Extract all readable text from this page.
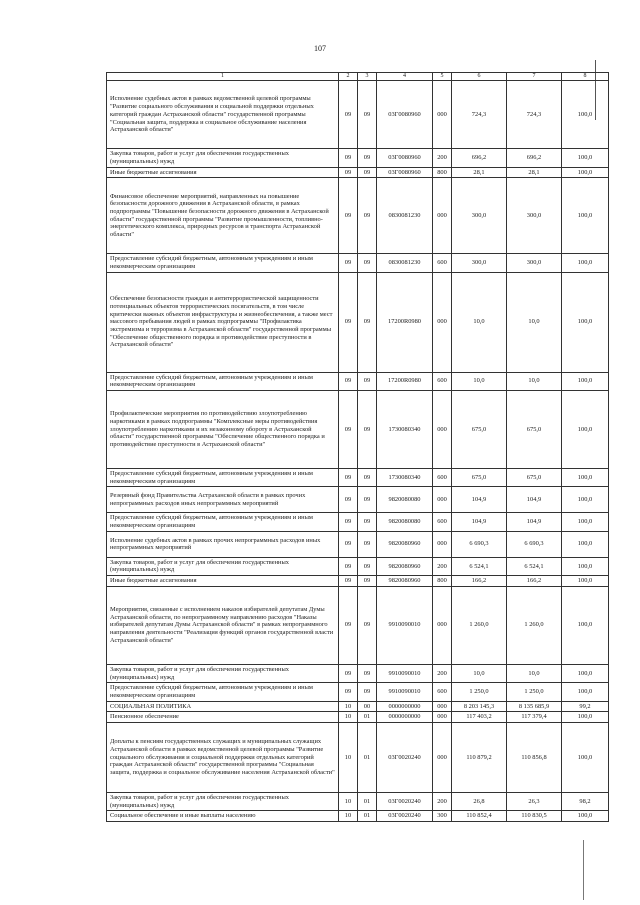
107
1	2	3	4	5	6	7	8
Исполнение судебных актов в рамках ведомственной целевой программы "Развитие социального обслуживания и социальной поддержки отдельных категорий граждан Астраханской области" государственной программы "Социальная защита, поддержка и социальное обслуживание населения Астраханской области"	09	09	03Г0080960	000	724,3	724,3	100,0
Закупка товаров, работ и услуг для обеспечения государственных (муниципальных) нужд	09	09	03Г0080960	200	696,2	696,2	100,0
Иные бюджетные ассигнования	09	09	03Г0080960	800	28,1	28,1	100,0
Финансовое обеспечение мероприятий, направленных на повышение безопасности дорожного движения в Астраханской области, в рамках подпрограммы "Повышение безопасности дорожного движения в Астраханской области" государственной программы "Развитие промышленности, топливно-энергетического комплекса, природных ресурсов и транспорта Астраханской области"	09	09	0830081230	000	300,0	300,0	100,0
Предоставление субсидий бюджетным, автономным учреждениям и иным некоммерческим организациям	09	09	0830081230	600	300,0	300,0	100,0
Обеспечение безопасности граждан и антитеррористической защищенности потенциальных объектов террористических посягательств, в том числе критически важных объектов инфраструктуры и жизнеобеспечения, а также мест массового пребывания людей в рамках подпрограммы "Профилактика экстремизма и терроризма в Астраханской области" государственной программы "Обеспечение общественного порядка и противодействие преступности в Астраханской области"	09	09	17200R0980	000	10,0	10,0	100,0
Предоставление субсидий бюджетным, автономным учреждениям и иным некоммерческим организациям	09	09	17200R0980	600	10,0	10,0	100,0
Профилактические мероприятия по противодействию злоупотреблению наркотиками в рамках подпрограммы "Комплексные меры противодействия злоупотреблению наркотиками и их незаконному обороту в Астраханской области" государственной программы "Обеспечение общественного порядка и противодействие преступности в Астраханской области"	09	09	1730080340	000	675,0	675,0	100,0
Предоставление субсидий бюджетным, автономным учреждениям и иным некоммерческим организациям	09	09	1730080340	600	675,0	675,0	100,0
Резервный фонд Правительства Астраханской области в рамках прочих непрограммных расходов иных непрограммных мероприятий	09	09	9820080080	000	104,9	104,9	100,0
Предоставление субсидий бюджетным, автономным учреждениям и иным некоммерческим организациям	09	09	9820080080	600	104,9	104,9	100,0
Исполнение судебных актов в рамках прочих непрограммных расходов иных непрограммных мероприятий	09	09	9820080960	000	6 690,3	6 690,3	100,0
Закупка товаров, работ и услуг для обеспечения государственных (муниципальных) нужд	09	09	9820080960	200	6 524,1	6 524,1	100,0
Иные бюджетные ассигнования	09	09	9820080960	800	166,2	166,2	100,0
Мероприятия, связанные с исполнением наказов избирателей депутатам Думы Астраханской области, по непрограммному направлению расходов "Наказы избирателей депутатам Думы Астраханской области" в рамках непрограммного направления деятельности "Реализация функций органов государственной власти Астраханской области"	09	09	9910090010	000	1 260,0	1 260,0	100,0
Закупка товаров, работ и услуг для обеспечения государственных (муниципальных) нужд	09	09	9910090010	200	10,0	10,0	100,0
Предоставление субсидий бюджетным, автономным учреждениям и иным некоммерческим организациям	09	09	9910090010	600	1 250,0	1 250,0	100,0
СОЦИАЛЬНАЯ ПОЛИТИКА	10	00	0000000000	000	8 203 145,3	8 135 685,9	99,2
Пенсионное обеспечение	10	01	0000000000	000	117 403,2	117 379,4	100,0
Доплаты к пенсиям государственных служащих и муниципальных служащих Астраханской области в рамках ведомственной целевой программы "Развитие социального обслуживания и социальной поддержки отдельных категорий граждан Астраханской области" государственной программы "Социальная защита, поддержка и социальное обслуживание населения Астраханской области"	10	01	03Г0020240	000	110 879,2	110 856,8	100,0
Закупка товаров, работ и услуг для обеспечения государственных (муниципальных) нужд	10	01	03Г0020240	200	26,8	26,3	98,2
Социальное обеспечение и иные выплаты населению	10	01	03Г0020240	300	110 852,4	110 830,5	100,0
